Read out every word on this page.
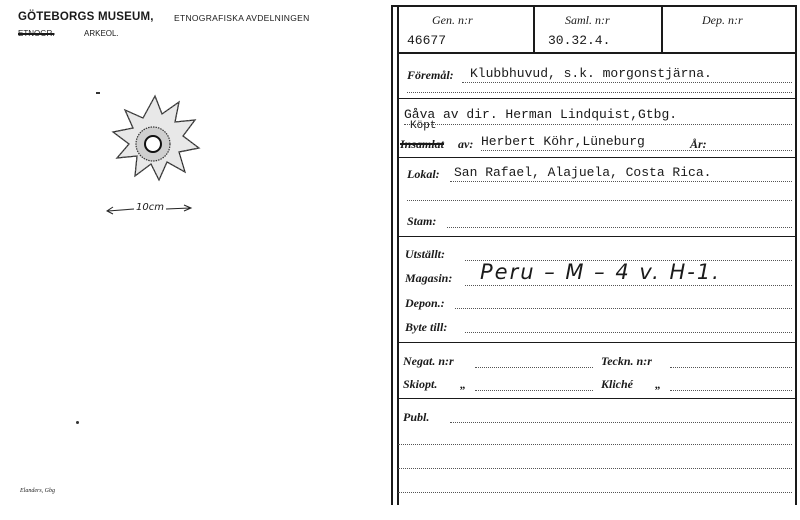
GÖTEBORGS MUSEUM, ETNOGRAFISKA AVDELNINGEN
ETNOGR.	ARKEOL.
10cm
Elanders, Gbg
Gen. n:r
46677
Saml. n:r
30.32.4.
Dep. n:r
Föremål: Klubbhuvud, s.k. morgonstjärna.
Gåva av dir. Herman Lindquist,Gtbg.
Köpt
Insamlat av: Herbert Köhr,Lüneburg	År:
Lokal: San Rafael, Alajuela, Costa Rica.
Stam:
Utställt:
Magasin: Peru – M – 4 v. H-1.
Depon.:
Byte till:
Negat. n:r	Teckn. n:r
Skiopt. „	Kliché „
Publ.
